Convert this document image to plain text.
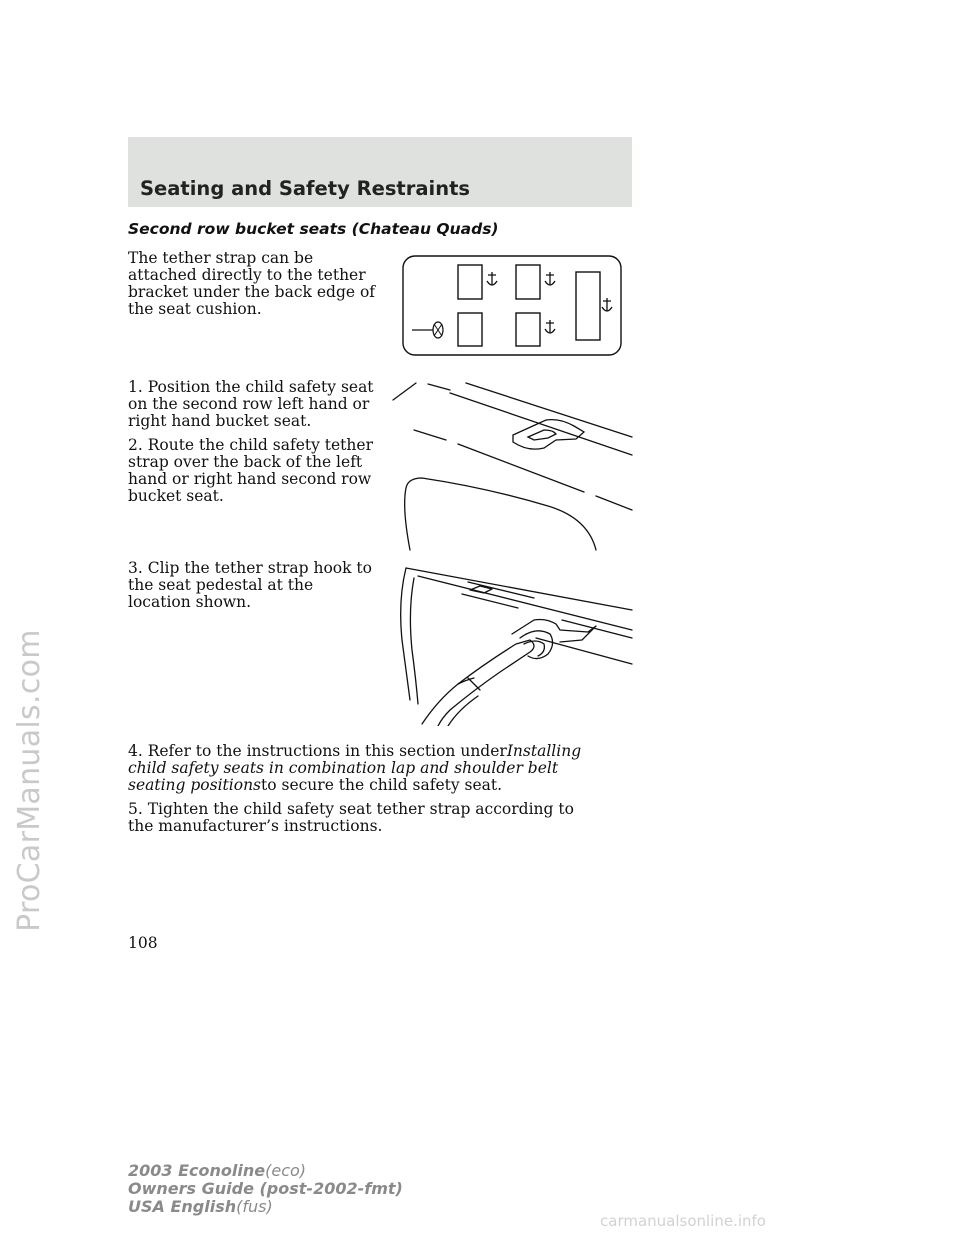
ProCarManuals.com
Seating and Safety Restraints
Second row bucket seats (Chateau Quads)

The tether strap can be attached directly to the tether bracket under the back edge of the seat cushion.

1. Position the child safety seat on the second row left hand or right hand bucket seat.

2. Route the child safety tether strap over the back of the left hand or right hand second row bucket seat.

3. Clip the tether strap hook to the seat pedestal at the location shown.

4. Refer to the instructions in this section underInstalling child safety seats in combination lap and shoulder belt seating positionsto secure the child safety seat.

5. Tighten the child safety seat tether strap according to the manufacturer’s instructions.

108
2003 Econoline(eco)
Owners Guide (post-2002-fmt)
USA English(fus)
carmanualsonline.info
